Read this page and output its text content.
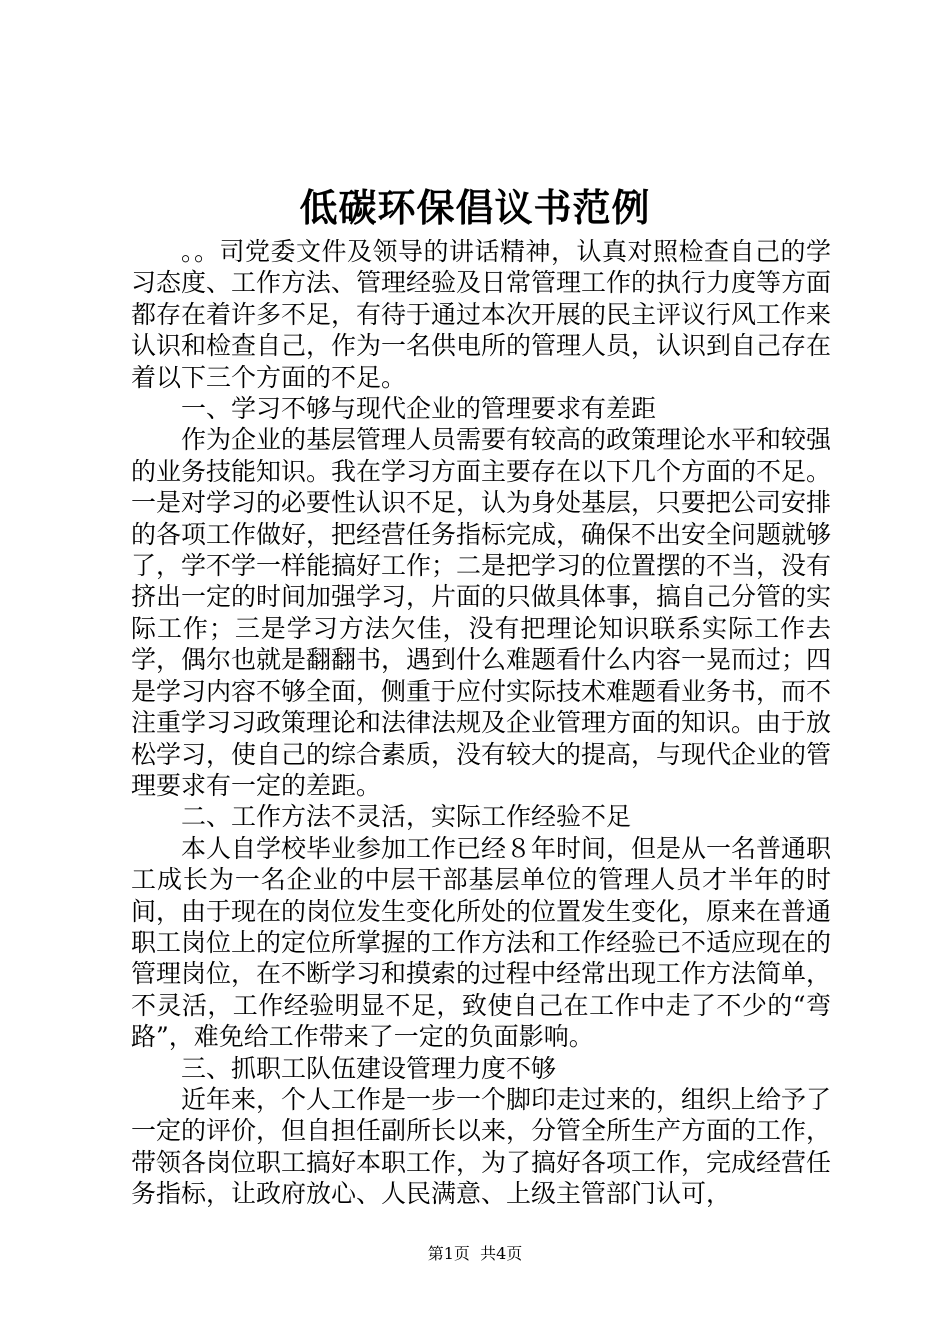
低碳环保倡议书范例

。。司党委文件及领导的讲话精神，认真对照检查自己的学习态度、工作方法、管理经验及日常管理工作的执行力度等方面都存在着许多不足，有待于通过本次开展的民主评议行风工作来认识和检查自己，作为一名供电所的管理人员，认识到自己存在着以下三个方面的不足。

一、学习不够与现代企业的管理要求有差距

作为企业的基层管理人员需要有较高的政策理论水平和较强的业务技能知识。我在学习方面主要存在以下几个方面的不足。一是对学习的必要性认识不足，认为身处基层，只要把公司安排的各项工作做好，把经营任务指标完成，确保不出安全问题就够了，学不学一样能搞好工作；二是把学习的位置摆的不当，没有挤出一定的时间加强学习，片面的只做具体事，搞自己分管的实际工作；三是学习方法欠佳，没有把理论知识联系实际工作去学，偶尔也就是翻翻书，遇到什么难题看什么内容一晃而过；四是学习内容不够全面，侧重于应付实际技术难题看业务书，而不注重学习习政策理论和法律法规及企业管理方面的知识。由于放松学习，使自己的综合素质，没有较大的提高，与现代企业的管理要求有一定的差距。

二、工作方法不灵活，实际工作经验不足

本人自学校毕业参加工作已经８年时间，但是从一名普通职工成长为一名企业的中层干部基层单位的管理人员才半年的时间，由于现在的岗位发生变化所处的位置发生变化，原来在普通职工岗位上的定位所掌握的工作方法和工作经验已不适应现在的管理岗位，在不断学习和摸索的过程中经常出现工作方法简单，不灵活，工作经验明显不足，致使自己在工作中走了不少的“弯路”，难免给工作带来了一定的负面影响。

三、抓职工队伍建设管理力度不够

近年来，个人工作是一步一个脚印走过来的，组织上给予了一定的评价，但自担任副所长以来，分管全所生产方面的工作，带领各岗位职工搞好本职工作，为了搞好各项工作，完成经营任务指标，让政府放心、人民满意、上级主管部门认可，

第1页 共4页
